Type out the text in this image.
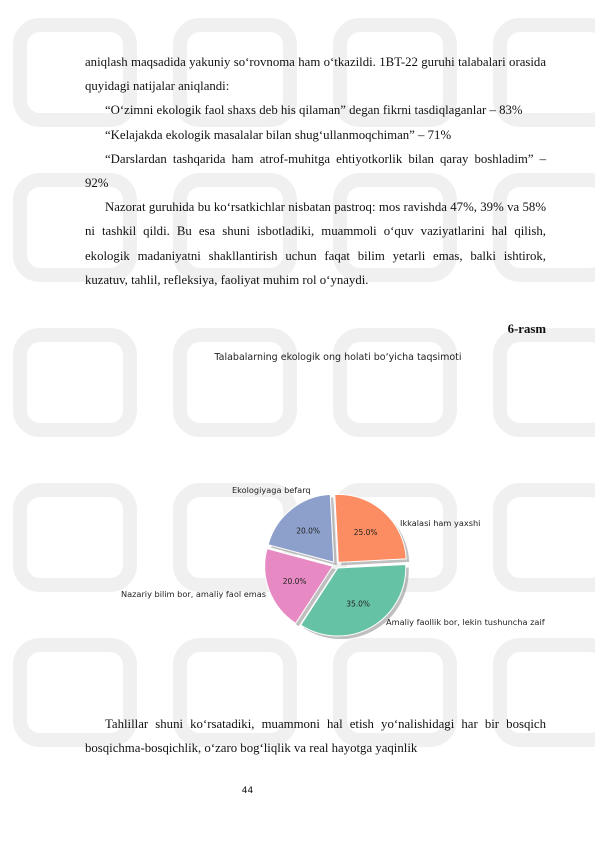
aniqlash maqsadida yakuniy so‘rovnoma ham o‘tkazildi. 1BT-22 guruhi talabalari orasida quyidagi natijalar aniqlandi:

“O‘zimni ekologik faol shaxs deb his qilaman” degan fikrni tasdiqlaganlar – 83%

“Kelajakda ekologik masalalar bilan shug‘ullanmoqchiman” – 71%

“Darslardan tashqarida ham atrof-muhitga ehtiyotkorlik bilan qaray boshladim” – 92%

Nazorat guruhida bu ko‘rsatkichlar nisbatan pastroq: mos ravishda 47%, 39% va 58% ni tashkil qildi. Bu esa shuni isbotladiki, muammoli o‘quv vaziyatlarini hal qilish, ekologik madaniyatni shakllantirish uchun faqat bilim yetarli emas, balki ishtirok, kuzatuv, tahlil, refleksiya, faoliyat muhim rol o‘ynaydi.

6-rasm
Talabalarning ekologik ong holati bo‘yicha taqsimoti
20.0%
Ikkalasi ham yaxshi
25.0%
Amaliy faollik bor, lekin tushuncha zaif
35.0%
Nazariy bilim bor, amaliy faol emas
20.0%
Ekologiyaga befarq

Tahlillar shuni ko‘rsatadiki, muammoni hal etish yo‘nalishidagi har bir bosqich bosqichma-bosqichlik, o‘zaro bog‘liqlik va real hayotga yaqinlik

44
